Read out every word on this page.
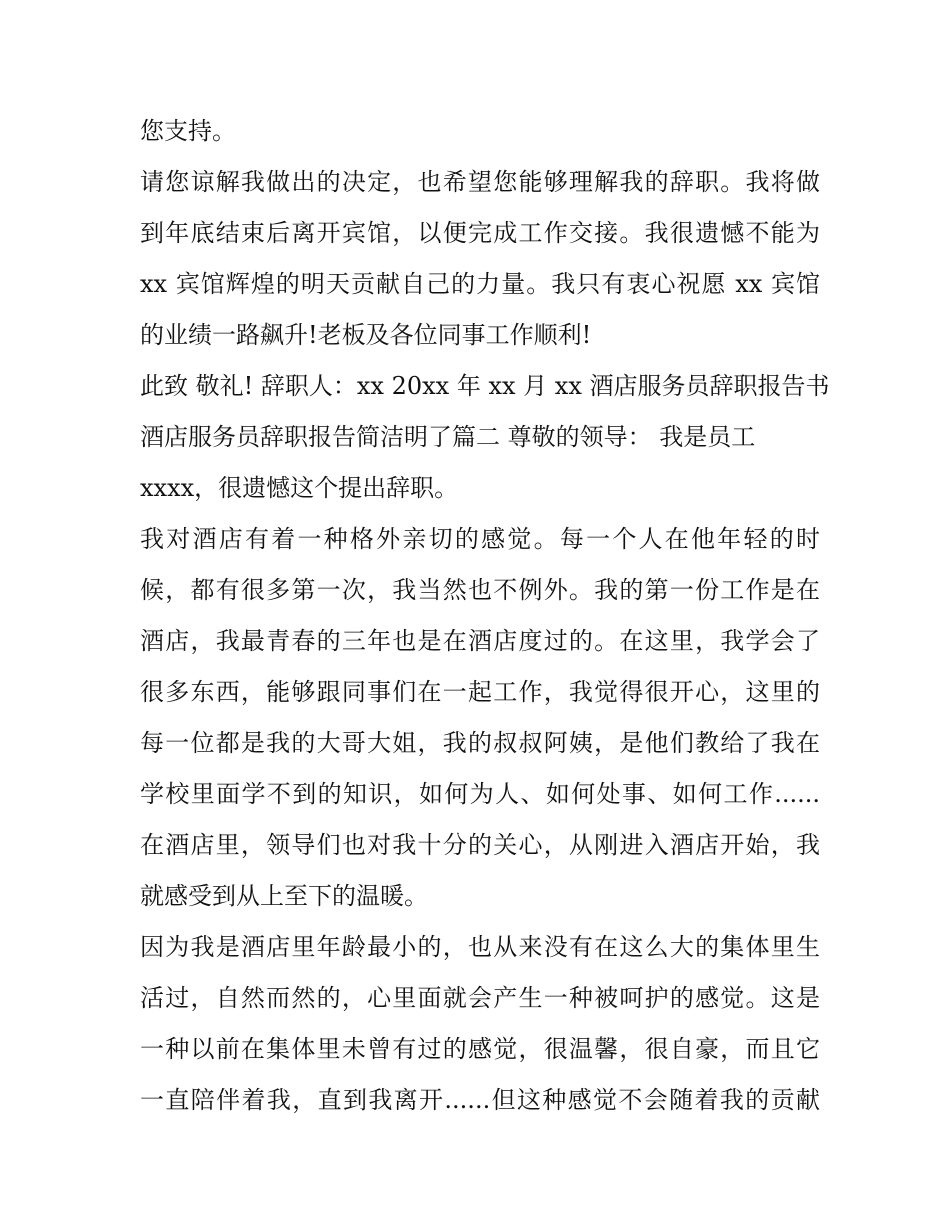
您支持。
请您谅解我做出的决定，也希望您能够理解我的辞职。我将做
到年底结束后离开宾馆，以便完成工作交接。我很遗憾不能为
xx 宾馆辉煌的明天贡献自己的力量。我只有衷心祝愿 xx 宾馆
的业绩一路飙升!老板及各位同事工作顺利!
此致 敬礼! 辞职人：xx 20xx 年 xx 月 xx 酒店服务员辞职报告书
酒店服务员辞职报告简洁明了篇二 尊敬的领导： 我是员工
xxxx，很遗憾这个提出辞职。
我对酒店有着一种格外亲切的感觉。每一个人在他年轻的时
候，都有很多第一次，我当然也不例外。我的第一份工作是在
酒店，我最青春的三年也是在酒店度过的。在这里，我学会了
很多东西，能够跟同事们在一起工作，我觉得很开心，这里的
每一位都是我的大哥大姐，我的叔叔阿姨，是他们教给了我在
学校里面学不到的知识，如何为人、如何处事、如何工作......
在酒店里，领导们也对我十分的关心，从刚进入酒店开始，我
就感受到从上至下的温暖。
因为我是酒店里年龄最小的，也从来没有在这么大的集体里生
活过，自然而然的，心里面就会产生一种被呵护的感觉。这是
一种以前在集体里未曾有过的感觉，很温馨，很自豪，而且它
一直陪伴着我，直到我离开......但这种感觉不会随着我的贡献
